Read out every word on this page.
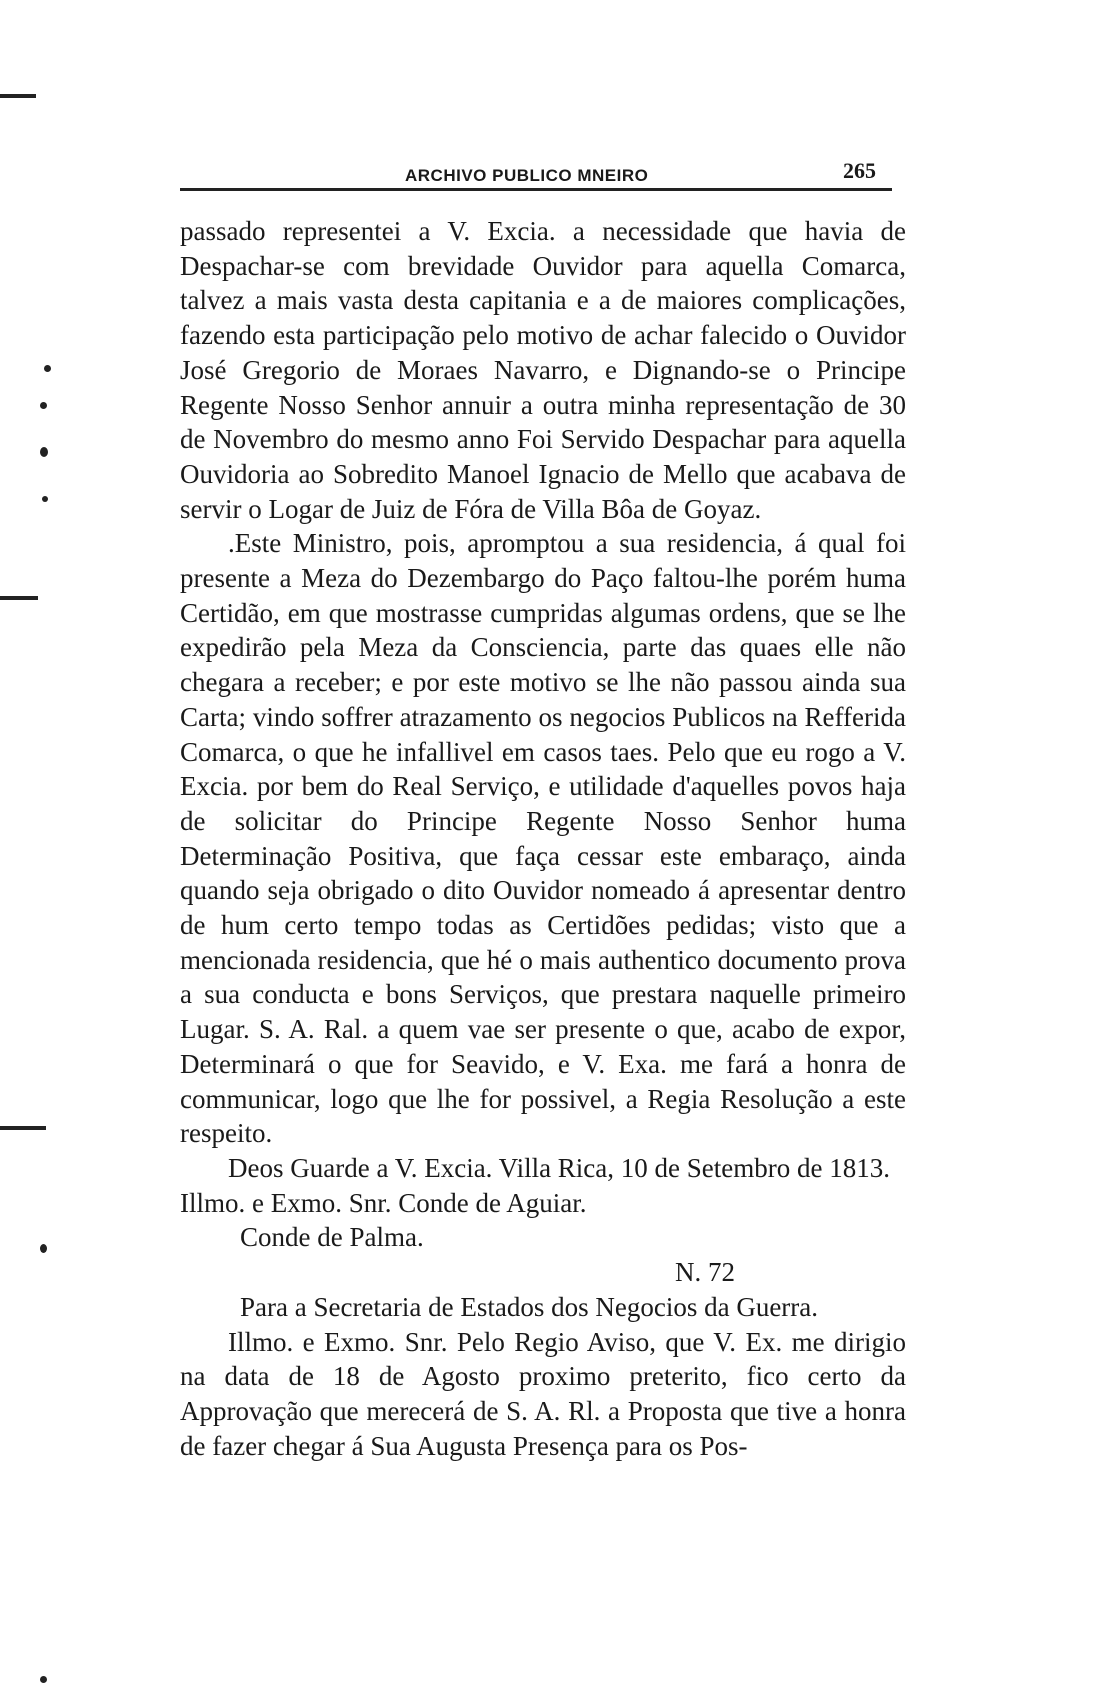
ARCHIVO PUBLICO MNEIRO	265

passado representei a V. Excia. a necessidade que havia de Despachar-se com brevidade Ouvidor para aquella Comarca, talvez a mais vasta desta capitania e a de maiores complicações, fazendo esta participação pelo motivo de achar falecido o Ouvidor José Gregorio de Moraes Navarro, e Dignando-se o Principe Regente Nosso Senhor annuir a outra minha representação de 30 de Novembro do mesmo anno Foi Servido Despachar para aquella Ouvidoria ao Sobredito Manoel Ignacio de Mello que acabava de servir o Logar de Juiz de Fóra de Villa Bôa de Goyaz.

.Este Ministro, pois, apromptou a sua residencia, á qual foi presente a Meza do Dezembargo do Paço faltou-lhe porém huma Certidão, em que mostrasse cumpridas algumas ordens, que se lhe expedirão pela Meza da Consciencia, parte das quaes elle não chegara a receber; e por este motivo se lhe não passou ainda sua Carta; vindo soffrer atrazamento os negocios Publicos na Refferida Comarca, o que he infallivel em casos taes. Pelo que eu rogo a V. Excia. por bem do Real Serviço, e utilidade d'aquelles povos haja de solicitar do Principe Regente Nosso Senhor huma Determinação Positiva, que faça cessar este embaraço, ainda quando seja obrigado o dito Ouvidor nomeado á apresentar dentro de hum certo tempo todas as Certidões pedidas; visto que a mencionada residencia, que hé o mais authentico documento prova a sua conducta e bons Serviços, que prestara naquelle primeiro Lugar. S. A. Ral. a quem vae ser presente o que, acabo de expor, Determinará o que for Seavido, e V. Exa. me fará a honra de communicar, logo que lhe for possivel, a Regia Resolução a este respeito.

Deos Guarde a V. Excia. Villa Rica, 10 de Setembro de 1813.

Illmo. e Exmo. Snr. Conde de Aguiar.

Conde de Palma.

N. 72

Para a Secretaria de Estados dos Negocios da Guerra.

Illmo. e Exmo. Snr. Pelo Regio Aviso, que V. Ex. me dirigio na data de 18 de Agosto proximo preterito, fico certo da Approvação que merecerá de S. A. Rl. a Proposta que tive a honra de fazer chegar á Sua Augusta Presença para os Pos-
